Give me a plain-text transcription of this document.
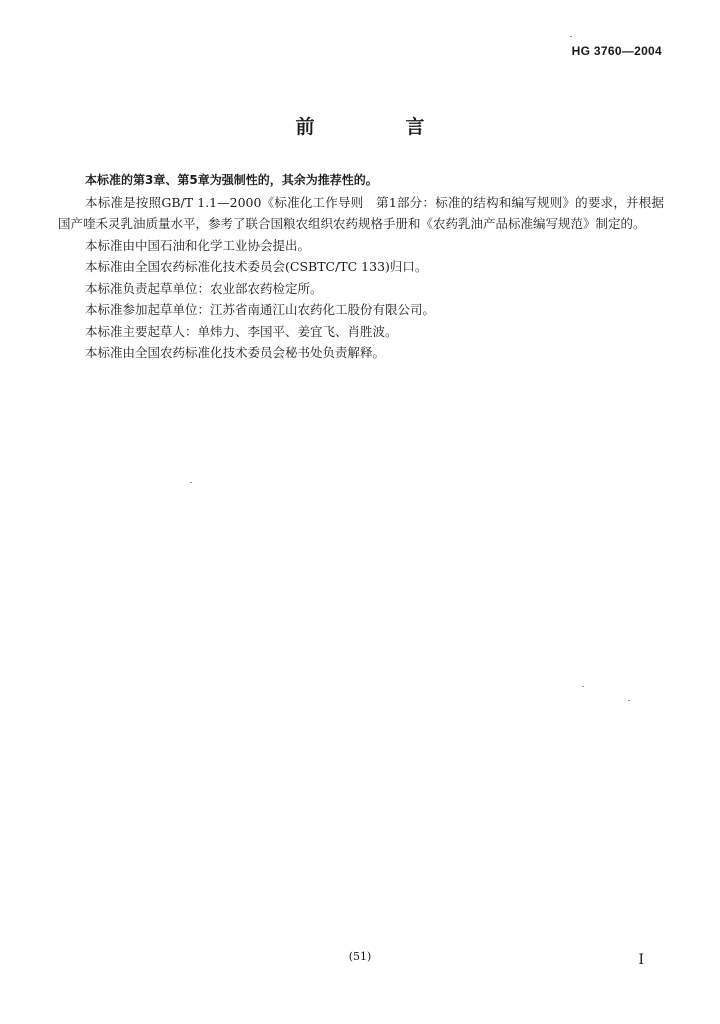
HG 3760—2004
前　言

本标准的第3章、第5章为强制性的，其余为推荐性的。

本标准是按照GB/T 1.1—2000《标准化工作导则　第1部分：标准的结构和编写规则》的要求，并根据国产喹禾灵乳油质量水平，参考了联合国粮农组织农药规格手册和《农药乳油产品标准编写规范》制定的。

本标准由中国石油和化学工业协会提出。

本标准由全国农药标准化技术委员会(CSBTC/TC 133)归口。

本标准负责起草单位：农业部农药检定所。

本标准参加起草单位：江苏省南通江山农药化工股份有限公司。

本标准主要起草人：单炜力、李国平、姜宜飞、肖胜波。

本标准由全国农药标准化技术委员会秘书处负责解释。

(51)	I
